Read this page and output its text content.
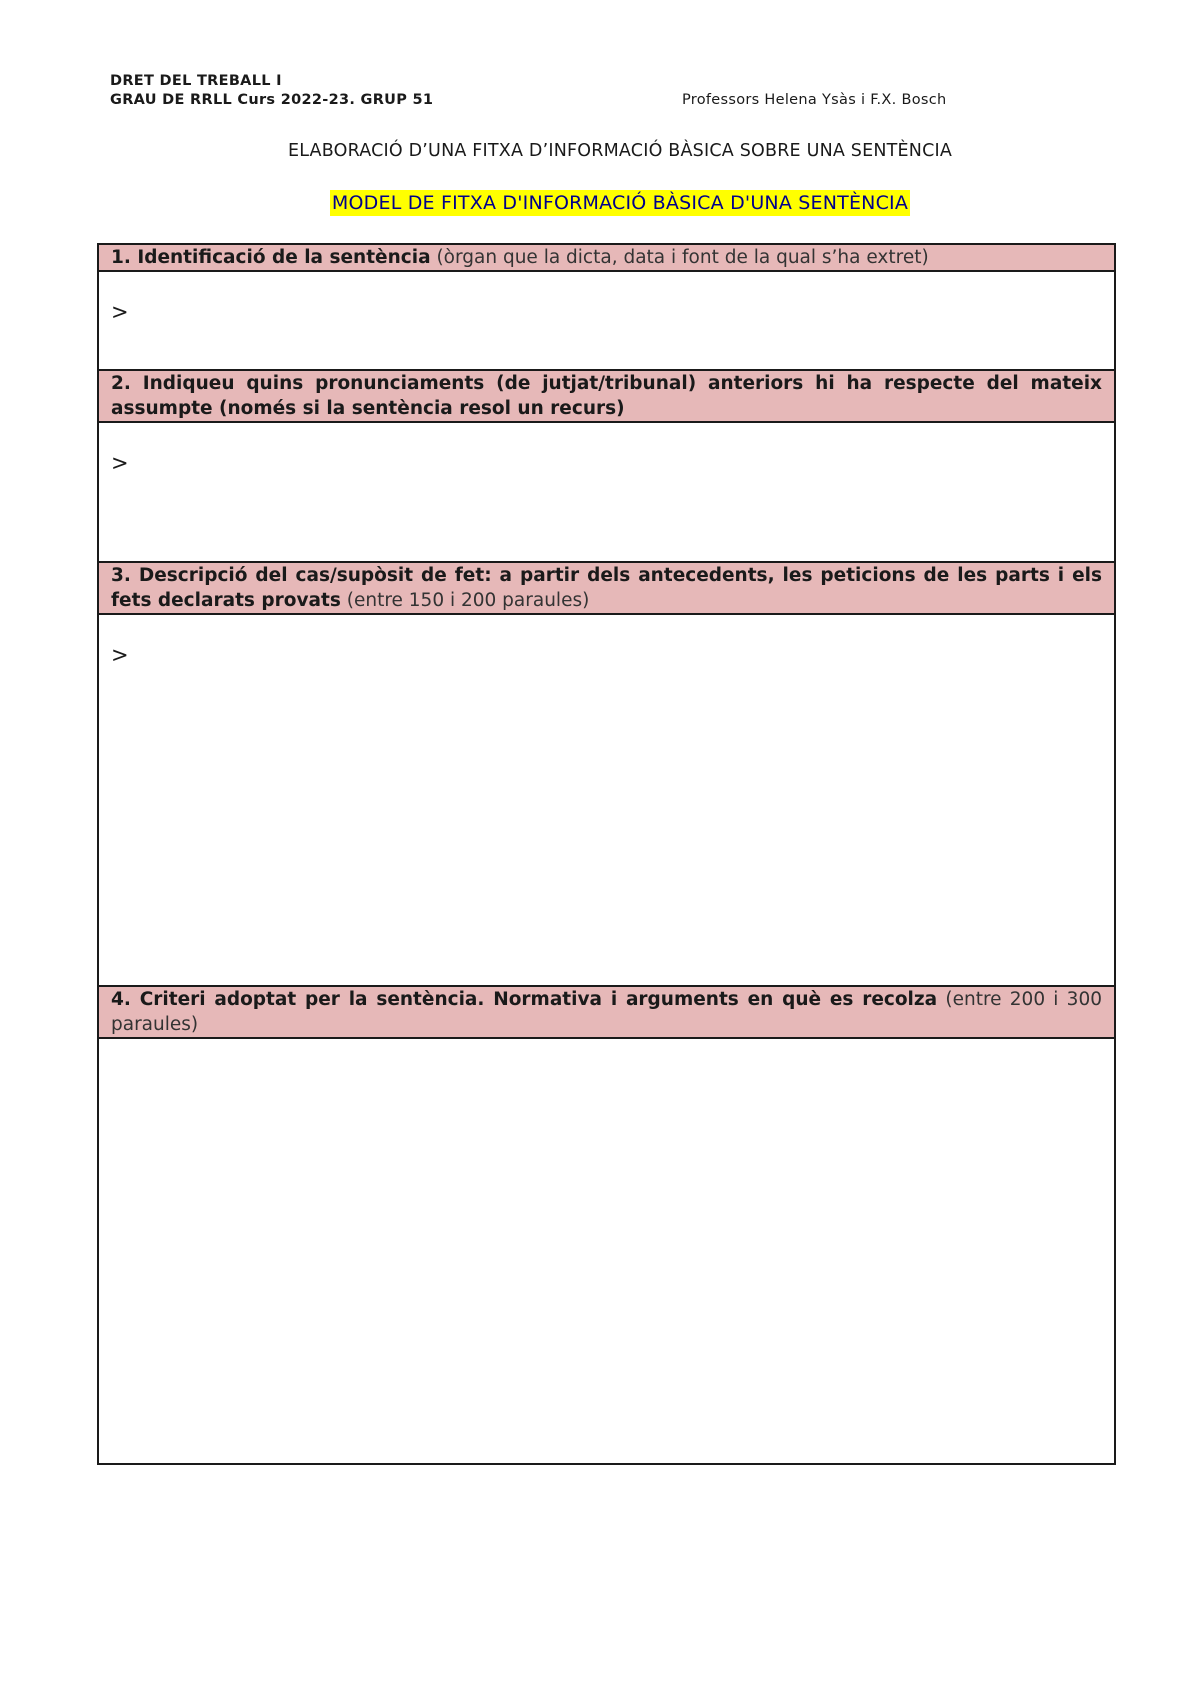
DRET DEL TREBALL I
GRAU DE RRLL Curs 2022-23. GRUP 51	Professors Helena Ysàs i F.X. Bosch
ELABORACIÓ D’UNA FITXA D’INFORMACIÓ BÀSICA SOBRE UNA SENTÈNCIA
MODEL DE FITXA D'INFORMACIÓ BÀSICA D'UNA SENTÈNCIA
1. Identificació de la sentència (òrgan que la dicta, data i font de la qual s’ha extret)

>

2. Indiqueu quins pronunciaments (de jutjat/tribunal) anteriors hi ha respecte del mateix assumpte (només si la sentència resol un recurs)

>

3. Descripció del cas/supòsit de fet: a partir dels antecedents, les peticions de les parts i els fets declarats provats (entre 150 i 200 paraules)

>

4. Criteri adoptat per la sentència. Normativa i arguments en què es recolza (entre 200 i 300 paraules)
